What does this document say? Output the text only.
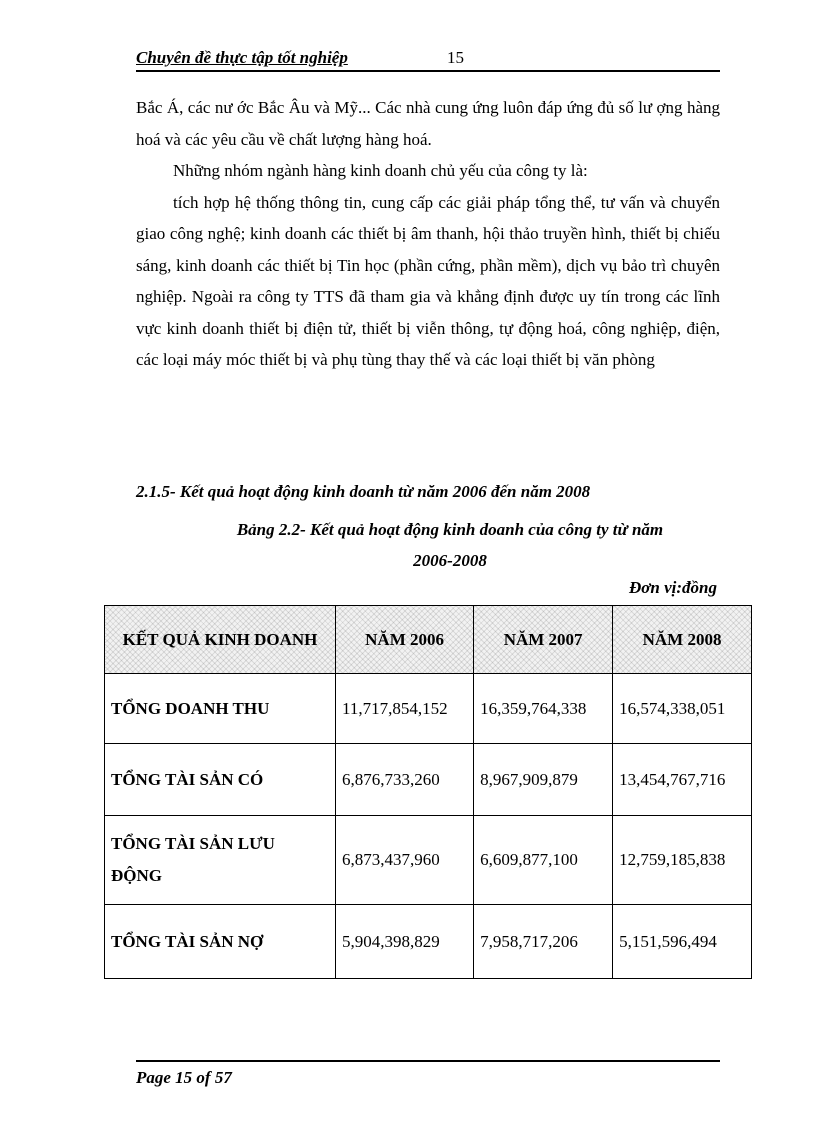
Chuyên đề thực tập tốt nghiệp	15

Bắc Á, các nư ớc Bắc Âu và Mỹ... Các nhà cung ứng luôn đáp ứng đủ số lư ợng hàng hoá và các yêu cầu về chất lượng hàng hoá.

Những nhóm ngành hàng kinh doanh chủ yếu của công ty là:

tích hợp hệ thống thông tin, cung cấp các giải pháp tổng thể, tư vấn và chuyển giao công nghệ; kinh doanh các thiết bị âm thanh, hội thảo truyền hình, thiết bị chiếu sáng, kinh doanh các thiết bị Tin học (phần cứng, phần mềm), dịch vụ bảo trì chuyên nghiệp. Ngoài ra công ty TTS đã tham gia và khẳng định được uy tín trong các lĩnh vực kinh doanh thiết bị điện tử, thiết bị viễn thông, tự động hoá, công nghiệp, điện, các loại máy móc thiết bị và phụ tùng thay thế và các loại thiết bị văn phòng

2.1.5- Kết quả hoạt động kinh doanh từ năm 2006 đến năm 2008

Bảng 2.2- Kết quả hoạt động kinh doanh của công ty từ năm
2006-2008
Đơn vị:đồng
KẾT QUẢ KINH DOANH	NĂM 2006	NĂM 2007	NĂM 2008
TỔNG DOANH THU	11,717,854,152	16,359,764,338	16,574,338,051
TỔNG TÀI SẢN CÓ	6,876,733,260	8,967,909,879	13,454,767,716
TỔNG TÀI SẢN LƯU ĐỘNG	6,873,437,960	6,609,877,100	12,759,185,838
TỔNG TÀI SẢN NỢ	5,904,398,829	7,958,717,206	5,151,596,494
Page 15 of 57
